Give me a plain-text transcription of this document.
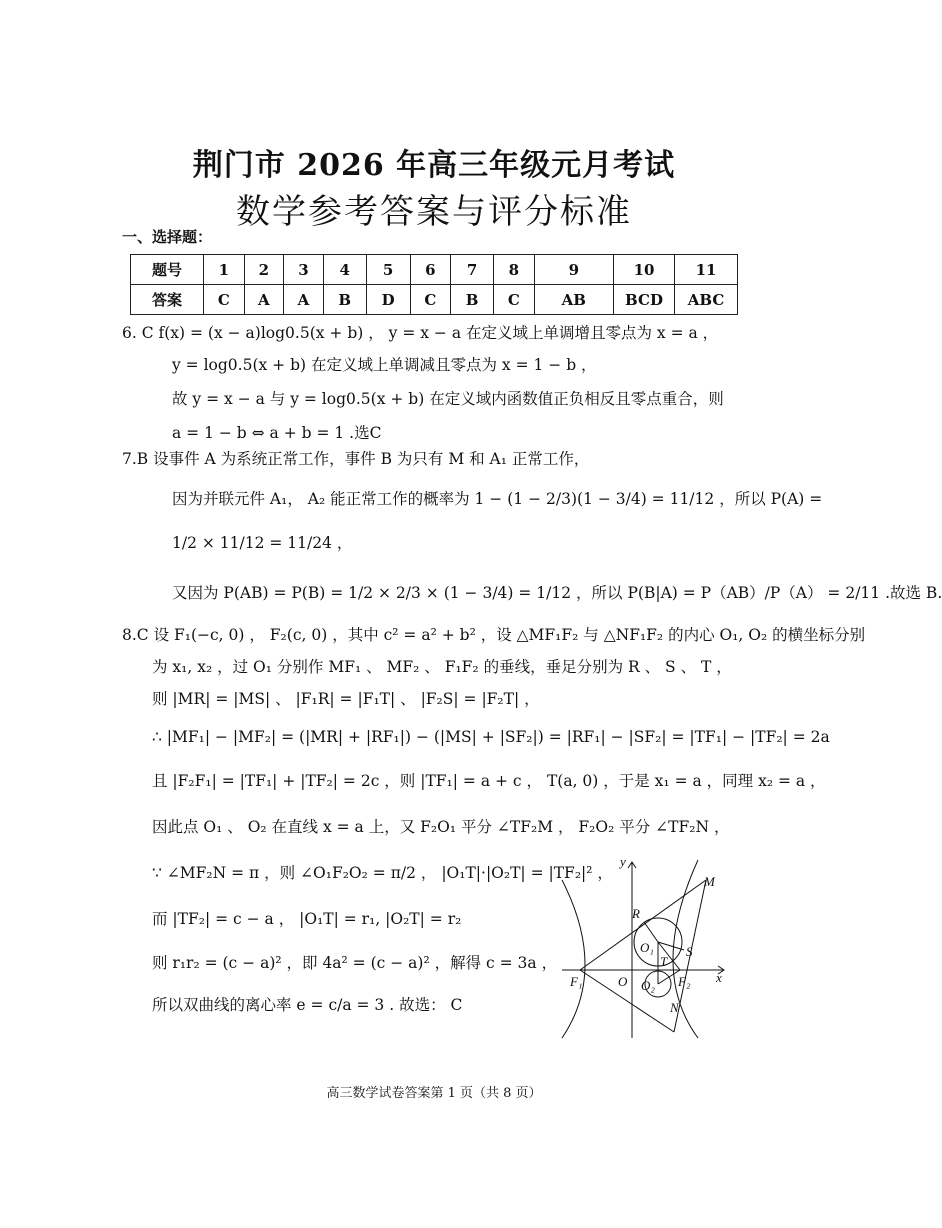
荆门市 2026 年高三年级元月考试
数学参考答案与评分标准
一、选择题：
题号	1	2	3	4	5	6	7	8	9	10	11
答案	C	A	A	B	D	C	B	C	AB	BCD	ABC
6. C f(x) = (x − a)log0.5(x + b) ， y = x − a 在定义域上单调增且零点为 x = a ，
y = log0.5(x + b) 在定义域上单调减且零点为 x = 1 − b ，
故 y = x − a 与 y = log0.5(x + b) 在定义域内函数值正负相反且零点重合，则
a = 1 − b ⇔ a + b = 1 .选C
7.B 设事件 A 为系统正常工作，事件 B 为只有 M 和 A₁ 正常工作，
因为并联元件 A₁， A₂ 能正常工作的概率为 1 − (1 − 2/3)(1 − 3/4) = 11/12 ，所以 P(A) =
1/2 × 11/12 = 11/24 ，
又因为 P(AB) = P(B) = 1/2 × 2/3 × (1 − 3/4) = 1/12 ，所以 P(B|A) = P（AB）/P（A） = 2/11 .故选 B.
8.C 设 F₁(−c, 0) ， F₂(c, 0) ，其中 c² = a² + b² ，设 △MF₁F₂ 与 △NF₁F₂ 的内心 O₁, O₂ 的横坐标分别
为 x₁, x₂ ，过 O₁ 分别作 MF₁ 、 MF₂ 、 F₁F₂ 的垂线，垂足分别为 R 、 S 、 T ，
则 |MR| = |MS| 、 |F₁R| = |F₁T| 、 |F₂S| = |F₂T| ，
∴ |MF₁| − |MF₂| = (|MR| + |RF₁|) − (|MS| + |SF₂|) = |RF₁| − |SF₂| = |TF₁| − |TF₂| = 2a
且 |F₂F₁| = |TF₁| + |TF₂| = 2c ，则 |TF₁| = a + c ， T(a, 0) ，于是 x₁ = a ，同理 x₂ = a ，
因此点 O₁ 、 O₂ 在直线 x = a 上，又 F₂O₁ 平分 ∠TF₂M ， F₂O₂ 平分 ∠TF₂N ，
∵ ∠MF₂N = π ，则 ∠O₁F₂O₂ = π/2 ， |O₁T|·|O₂T| = |TF₂|² ，
而 |TF₂| = c − a ， |O₁T| = r₁, |O₂T| = r₂
则 r₁r₂ = (c − a)² ，即 4a² = (c − a)² ，解得 c = 3a ，
所以双曲线的离心率 e = c/a = 3 . 故选： C
y
x
M
R
O₁ S
T
F₁	O O₂ F₂
N
高三数学试卷答案第 1 页（共 8 页）
